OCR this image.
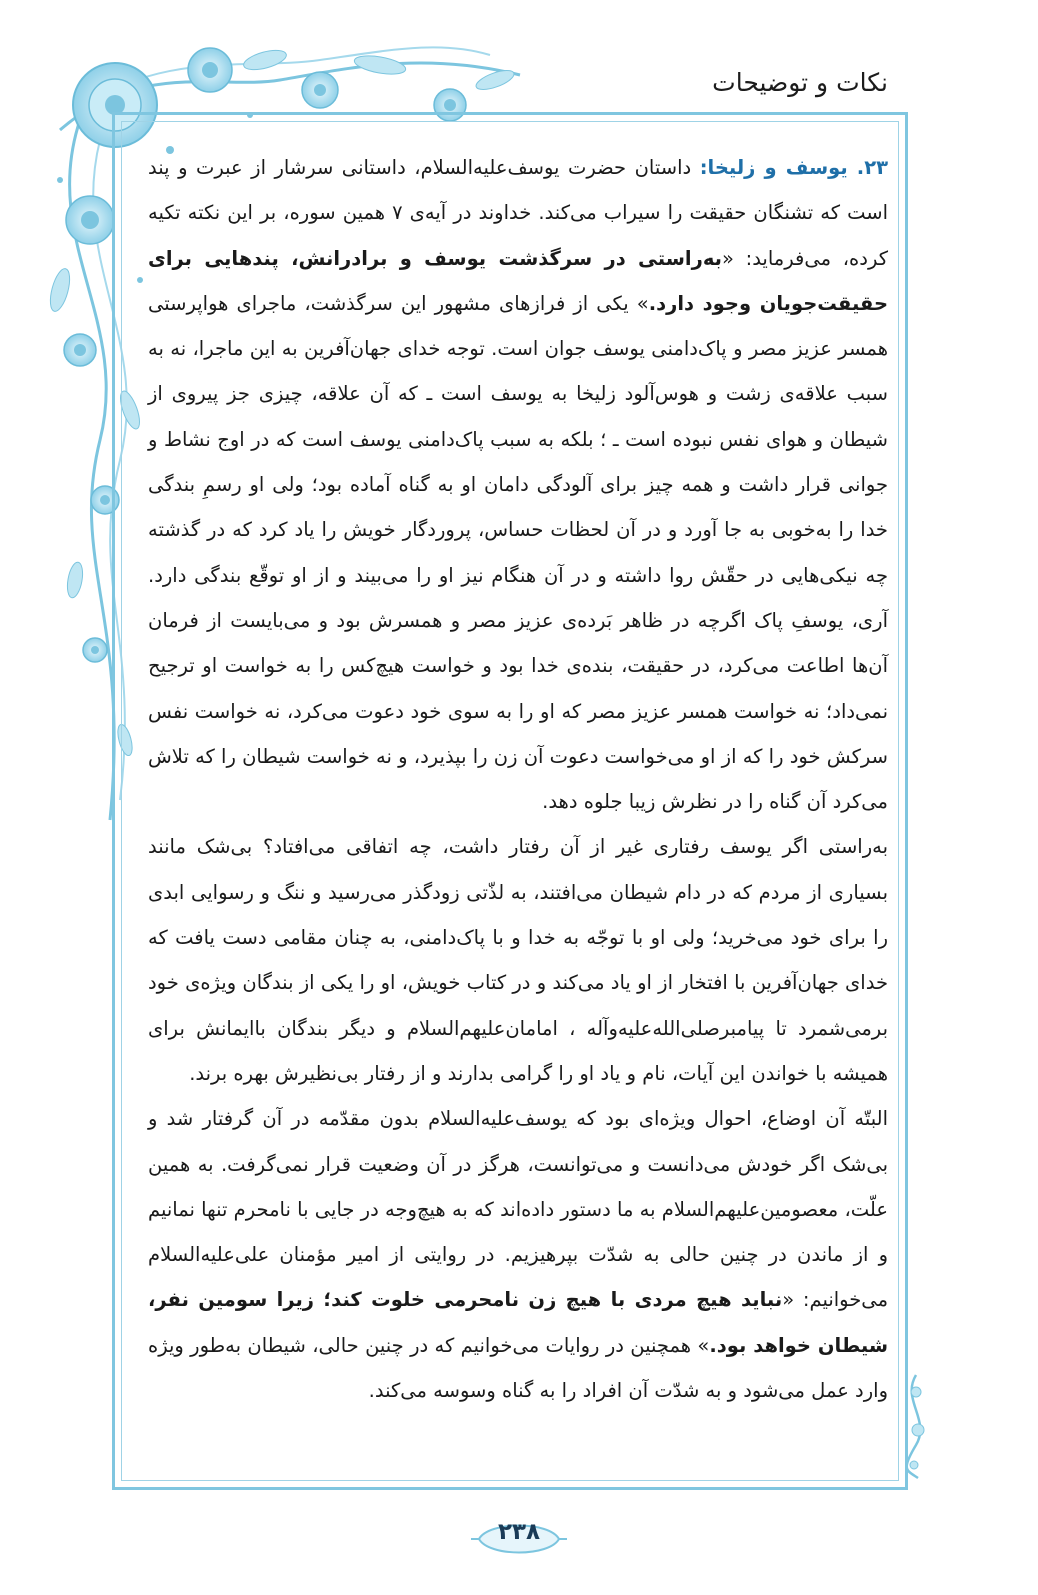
نکات و توضیحات

۲۳. یوسف و زلیخا: داستان حضرت یوسف‌علیه‌السلام، داستانی سرشار از عبرت و پند است که تشنگان حقیقت را سیراب می‌کند. خداوند در آیه‌ی ۷ همین سوره، بر این نکته تکیه کرده، می‌فرماید: «به‌راستی در سرگذشت یوسف و برادرانش، پندهایی برای حقیقت‌جویان وجود دارد.» یکی از فرازهای مشهور این سرگذشت، ماجرای هواپرستی همسر عزیز مصر و پاک‌دامنی یوسف جوان است. توجه خدای جهان‌آفرین به این ماجرا، نه به سبب علاقه‌ی زشت و هوس‌آلود زلیخا به یوسف است ـ که آن علاقه، چیزی جز پیروی از شیطان و هوای نفس نبوده است ـ ؛ بلکه به سبب پاک‌دامنی یوسف است که در اوج نشاط و جوانی قرار داشت و همه چیز برای آلودگی دامان او به گناه آماده بود؛ ولی او رسمِ بندگی خدا را به‌خوبی به جا آورد و در آن لحظات حساس، پروردگار خویش را یاد کرد که در گذشته چه نیکی‌هایی در حقّش روا داشته و در آن هنگام نیز او را می‌بیند و از او توقّع بندگی دارد. آری، یوسفِ پاک اگرچه در ظاهر بَرده‌ی عزیز مصر و همسرش بود و می‌بایست از فرمان آن‌ها اطاعت می‌کرد، در حقیقت، بنده‌ی خدا بود و خواست هیچ‌کس را به خواست او ترجیح نمی‌داد؛ نه خواست همسر عزیز مصر که او را به سوی خود دعوت می‌کرد، نه خواست نفس سرکش خود را که از او می‌خواست دعوت آن زن را بپذیرد، و نه خواست شیطان را که تلاش می‌کرد آن گناه را در نظرش زیبا جلوه دهد.

به‌راستی اگر یوسف رفتاری غیر از آن رفتار داشت، چه اتفاقی می‌افتاد؟ بی‌شک مانند بسیاری از مردم که در دام شیطان می‌افتند، به لذّتی زودگذر می‌رسید و ننگ و رسوایی ابدی را برای خود می‌خرید؛ ولی او با توجّه به خدا و با پاک‌دامنی، به چنان مقامی دست یافت که خدای جهان‌آفرین با افتخار از او یاد می‌کند و در کتاب خویش، او را یکی از بندگان ویژه‌ی خود برمی‌شمرد تا پیامبرصلی‌الله‌علیه‌وآله ، امامان‌علیهم‌السلام و دیگر بندگان باایمانش برای همیشه با خواندن این آیات، نام و یاد او را گرامی بدارند و از رفتار بی‌نظیرش بهره برند.

البتّه آن اوضاع، احوال ویژه‌ای بود که یوسف‌علیه‌السلام بدون مقدّمه در آن گرفتار شد و بی‌شک اگر خودش می‌دانست و می‌توانست، هرگز در آن وضعیت قرار نمی‌گرفت. به همین علّت، معصومین‌علیهم‌السلام به ما دستور داده‌اند که به هیچ‌وجه در جایی با نامحرم تنها نمانیم و از ماندن در چنین حالی به شدّت بپرهیزیم. در روایتی از امیر مؤمنان علی‌علیه‌السلام می‌خوانیم: «نباید هیچ مردی با هیچ زن نامحرمی خلوت کند؛ زیرا سومین نفر، شیطان خواهد بود.» همچنین در روایات می‌خوانیم که در چنین حالی، شیطان به‌طور ویژه وارد عمل می‌شود و به شدّت آن افراد را به گناه وسوسه می‌کند.

۲۳۸
